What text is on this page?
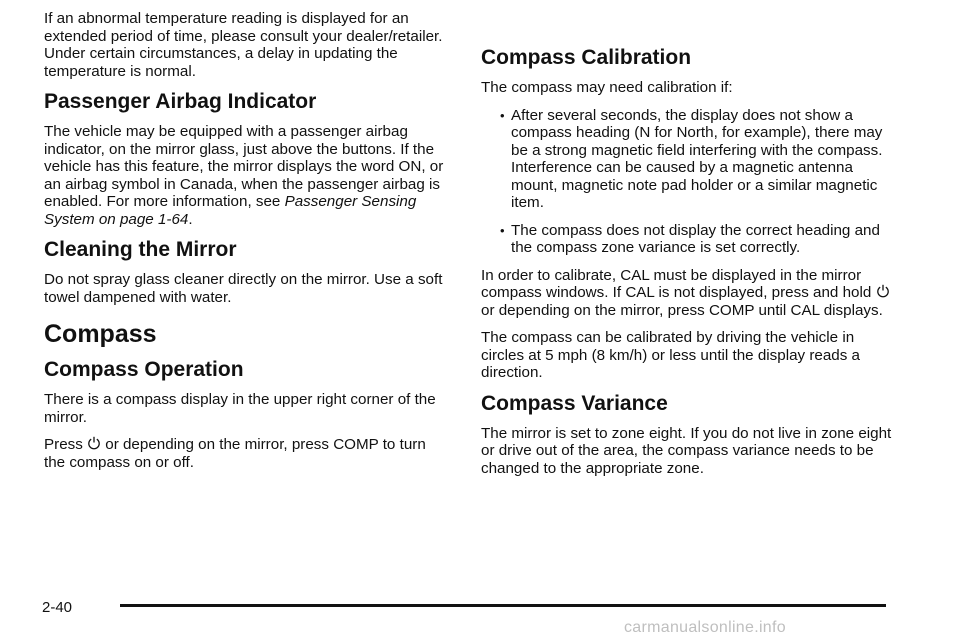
If an abnormal temperature reading is displayed for an extended period of time, please consult your dealer/retailer. Under certain circumstances, a delay in updating the temperature is normal.

Passenger Airbag Indicator

The vehicle may be equipped with a passenger airbag indicator, on the mirror glass, just above the buttons. If the vehicle has this feature, the mirror displays the word ON, or an airbag symbol in Canada, when the passenger airbag is enabled. For more information, see Passenger Sensing System on page 1-64.

Cleaning the Mirror

Do not spray glass cleaner directly on the mirror. Use a soft towel dampened with water.

Compass
Compass Operation

There is a compass display in the upper right corner of the mirror.

Press
or depending on the mirror, press COMP to turn the compass on or off.

Compass Calibration

The compass may need calibration if:

• After several seconds, the display does not show a compass heading (N for North, for example), there may be a strong magnetic field interfering with the compass. Interference can be caused by a magnetic antenna mount, magnetic note pad holder or a similar magnetic item.
• The compass does not display the correct heading and the compass zone variance is set correctly.

In order to calibrate, CAL must be displayed in the mirror compass windows. If CAL is not displayed, press and hold
or depending on the mirror, press COMP until CAL displays.

The compass can be calibrated by driving the vehicle in circles at 5 mph (8 km/h) or less until the display reads a direction.

Compass Variance

The mirror is set to zone eight. If you do not live in zone eight or drive out of the area, the compass variance needs to be changed to the appropriate zone.

2-40
carmanualsonline.info
